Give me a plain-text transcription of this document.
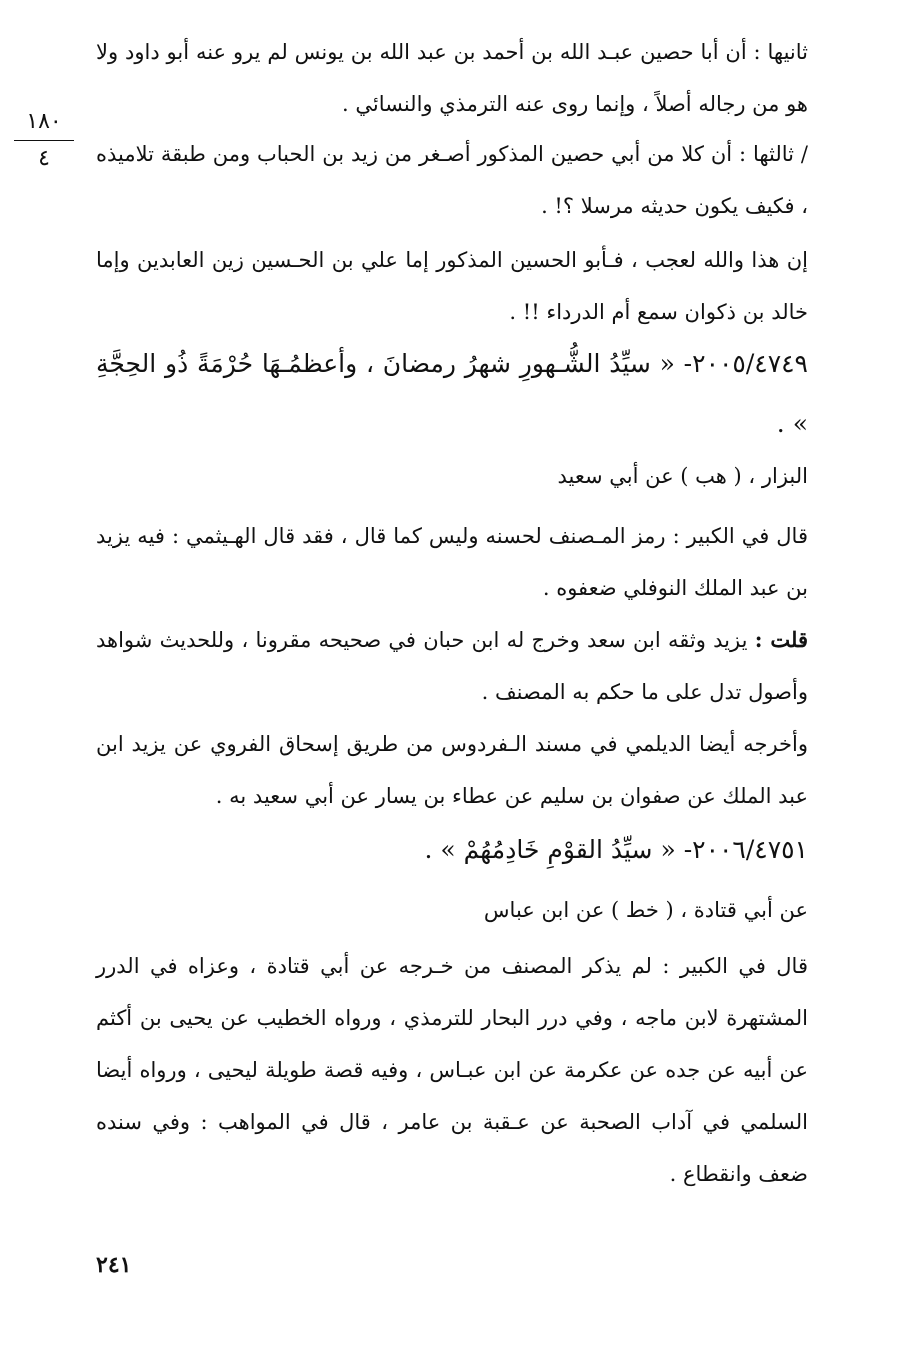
١٨٠
٤

ثانيها : أن أبا حصين عبـد الله بن أحمد بن عبد الله بن يونس لم يرو عنه أبو داود ولا هو من رجاله أصلاً ، وإنما روى عنه الترمذي والنسائي .

/ ثالثها : أن كلا من أبي حصين المذكور أصـغر من زيد بن الحباب ومن طبقة تلاميذه ، فكيف يكون حديثه مرسلا ؟! .

إن هذا والله لعجب ، فـأبو الحسين المذكور إما علي بن الحـسين زين العابدين وإما خالد بن ذكوان سمع أم الدرداء !! .

٢٠٠٥/٤٧٤٩- « سيِّدُ الشُّـهورِ شهرُ رمضانَ ، وأعظمُـهَا حُرْمَةً ذُو الحِجَّةِ » .

البزار ، ( هب ) عن أبي سعيد

قال في الكبير : رمز المـصنف لحسنه وليس كما قال ، فقد قال الهـيثمي : فيه يزيد بن عبد الملك النوفلي ضعفوه .

قلت : يزيد وثقه ابن سعد وخرج له ابن حبان في صحيحه مقرونا ، وللحديث شواهد وأصول تدل على ما حكم به المصنف .

وأخرجه أيضا الديلمي في مسند الـفردوس من طريق إسحاق الفروي عن يزيد ابن عبد الملك عن صفوان بن سليم عن عطاء بن يسار عن أبي سعيد به .

٢٠٠٦/٤٧٥١- « سيِّدُ القوْمِ خَادِمُهُمْ » .

عن أبي قتادة ، ( خط ) عن ابن عباس

قال في الكبير : لم يذكر المصنف من خـرجه عن أبي قتادة ، وعزاه في الدرر المشتهرة لابن ماجه ، وفي درر البحار للترمذي ، ورواه الخطيب عن يحيى بن أكثم عن أبيه عن جده عن عكرمة عن ابن عبـاس ، وفيه قصة طويلة ليحيى ، ورواه أيضا السلمي في آداب الصحبة عن عـقبة بن عامر ، قال في المواهب : وفي سنده ضعف وانقطاع .

٢٤١
